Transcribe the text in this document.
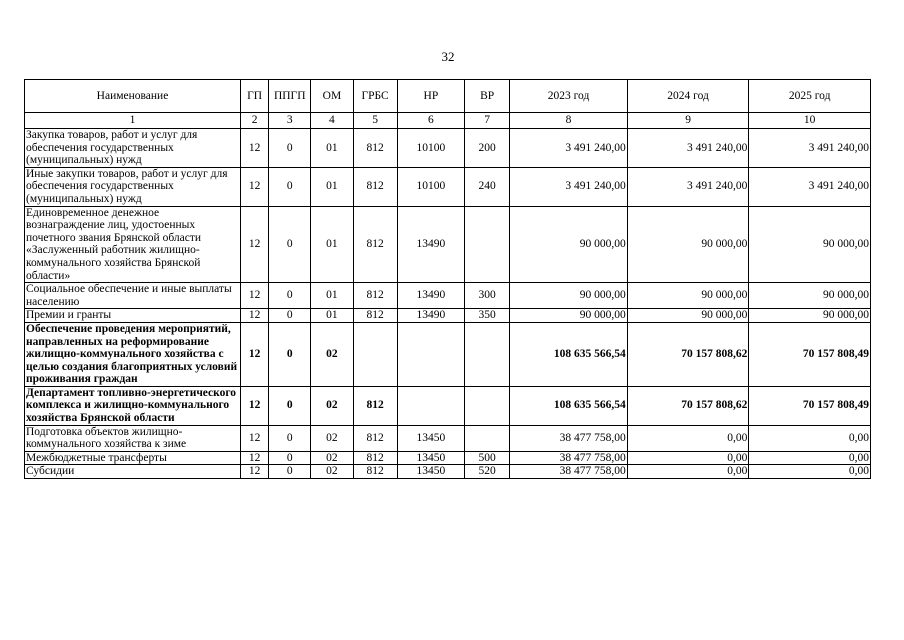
32
Наименование	ГП	ППГП	ОМ	ГРБС	НР	ВР	2023 год	2024 год	2025 год
1	2	3	4	5	6	7	8	9	10
Закупка товаров, работ и услуг для обеспечения государственных (муниципальных) нужд	12	0	01	812	10100	200	3 491 240,00	3 491 240,00	3 491 240,00
Иные закупки товаров, работ и услуг для обеспечения государственных (муниципальных) нужд	12	0	01	812	10100	240	3 491 240,00	3 491 240,00	3 491 240,00
Единовременное денежное вознаграждение лиц, удостоенных почетного звания Брянской области «Заслуженный работник жилищно-коммунального хозяйства Брянской области»	12	0	01	812	13490		90 000,00	90 000,00	90 000,00
Социальное обеспечение и иные выплаты населению	12	0	01	812	13490	300	90 000,00	90 000,00	90 000,00
Премии и гранты	12	0	01	812	13490	350	90 000,00	90 000,00	90 000,00
Обеспечение проведения мероприятий, направленных на реформирование жилищно-коммунального хозяйства с целью создания благоприятных условий проживания граждан	12	0	02				108 635 566,54	70 157 808,62	70 157 808,49
Департамент топливно-энергетического комплекса и жилищно-коммунального хозяйства Брянской области	12	0	02	812			108 635 566,54	70 157 808,62	70 157 808,49
Подготовка объектов жилищно-коммунального хозяйства к зиме	12	0	02	812	13450		38 477 758,00	0,00	0,00
Межбюджетные трансферты	12	0	02	812	13450	500	38 477 758,00	0,00	0,00
Субсидии	12	0	02	812	13450	520	38 477 758,00	0,00	0,00
